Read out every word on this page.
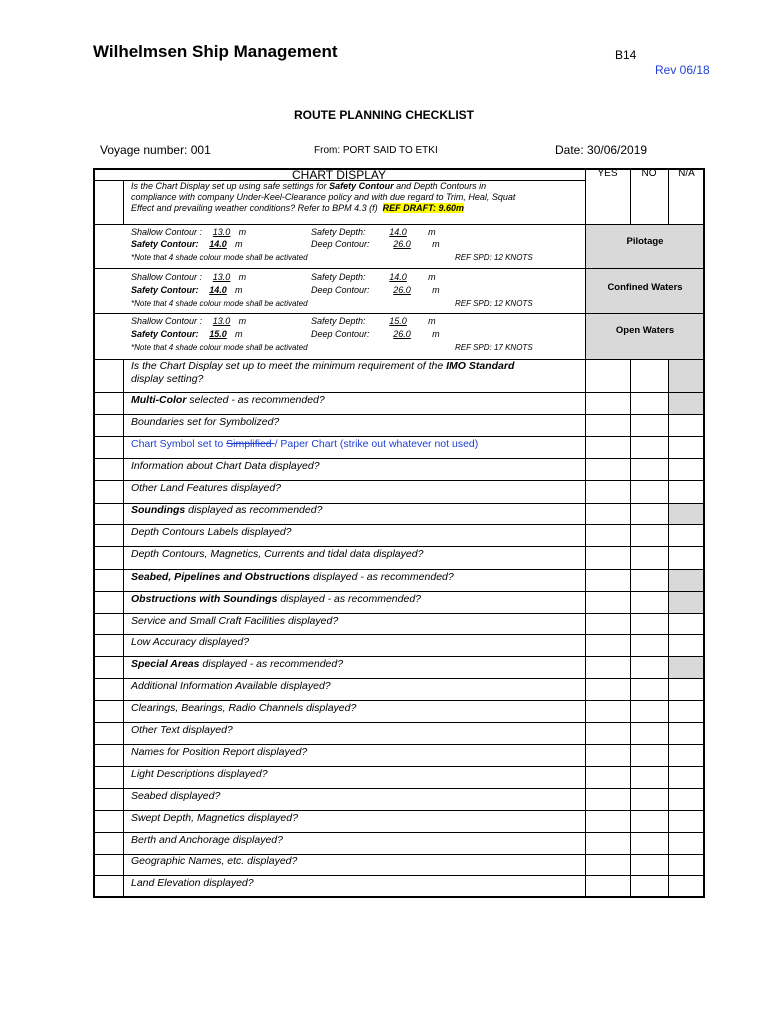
Wilhelmsen Ship Management	B14
Rev 06/18
ROUTE PLANNING CHECKLIST
Voyage number: 001	From: PORT SAID TO ETKI	Date: 30/06/2019
CHART DISPLAY	YES	NO	N/A
Is the Chart Display set up using safe settings for Safety Contour and Depth Contours in
compliance with company Under-Keel-Clearance policy and with due regard to Trim, Heal, Squat
Effect and prevailing weather conditions? Refer to BPM 4.3 (f) REF DRAFT: 9.60m
Shallow Contour : 13.0 m	Safety Depth:	14.0 m
Safety Contour: 14.0 m	Deep Contour:	26.0 m
*Note that 4 shade colour mode shall be activated	REF SPD: 12 KNOTS
Pilotage
Shallow Contour : 13.0 m	Safety Depth:	14.0 m
Safety Contour: 14.0 m	Deep Contour:	26.0 m
*Note that 4 shade colour mode shall be activated	REF SPD: 12 KNOTS
Confined Waters
Shallow Contour : 13.0 m	Safety Depth:	15.0 m
Safety Contour: 15.0 m	Deep Contour:	26.0 m
*Note that 4 shade colour mode shall be activated	REF SPD: 17 KNOTS
Open Waters
Is the Chart Display set up to meet the minimum requirement of the IMO Standard
display setting?
Multi-Color selected - as recommended?
Boundaries set for Symbolized?
Chart Symbol set to Simplified / Paper Chart (strike out whatever not used)
Information about Chart Data displayed?
Other Land Features displayed?
Soundings displayed as recommended?
Depth Contours Labels displayed?
Depth Contours, Magnetics, Currents and tidal data displayed?
Seabed, Pipelines and Obstructions displayed - as recommended?
Obstructions with Soundings displayed - as recommended?
Service and Small Craft Facilities displayed?
Low Accuracy displayed?
Special Areas displayed - as recommended?
Additional Information Available displayed?
Clearings, Bearings, Radio Channels displayed?
Other Text displayed?
Names for Position Report displayed?
Light Descriptions displayed?
Seabed displayed?
Swept Depth, Magnetics displayed?
Berth and Anchorage displayed?
Geographic Names, etc. displayed?
Land Elevation displayed?
